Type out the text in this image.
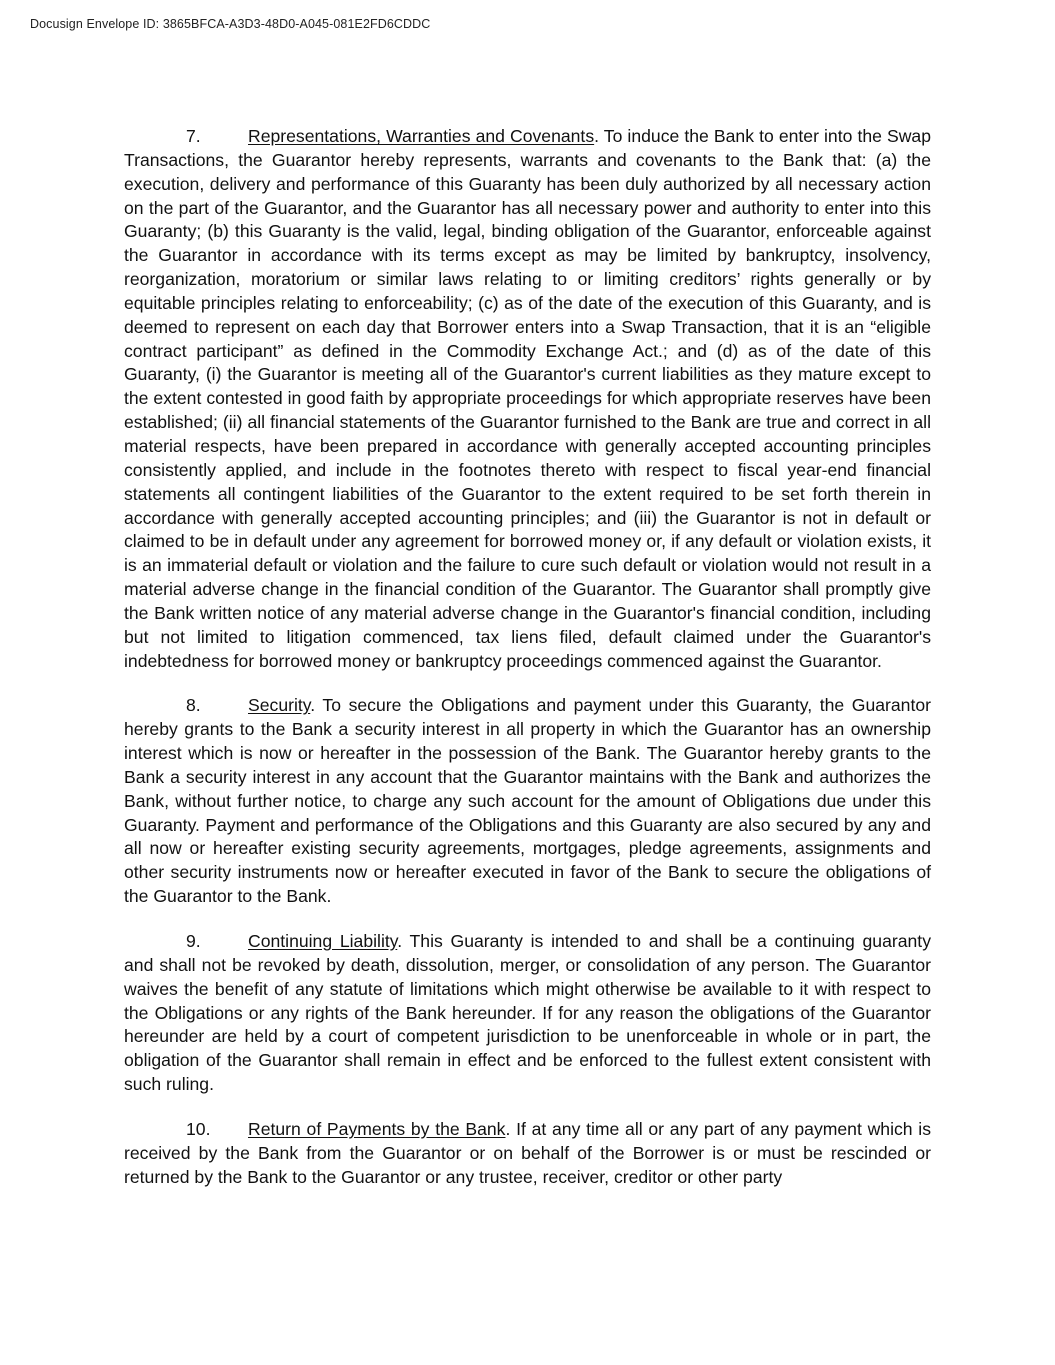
Docusign Envelope ID: 3865BFCA-A3D3-48D0-A045-081E2FD6CDDC

7.	Representations, Warranties and Covenants. To induce the Bank to enter into the Swap Transactions, the Guarantor hereby represents, warrants and covenants to the Bank that: (a) the execution, delivery and performance of this Guaranty has been duly authorized by all necessary action on the part of the Guarantor, and the Guarantor has all necessary power and authority to enter into this Guaranty; (b) this Guaranty is the valid, legal, binding obligation of the Guarantor, enforceable against the Guarantor in accordance with its terms except as may be limited by bankruptcy, insolvency, reorganization, moratorium or similar laws relating to or limiting creditors’ rights generally or by equitable principles relating to enforceability; (c) as of the date of the execution of this Guaranty, and is deemed to represent on each day that Borrower enters into a Swap Transaction, that it is an “eligible contract participant” as defined in the Commodity Exchange Act.; and (d) as of the date of this Guaranty, (i) the Guarantor is meeting all of the Guarantor's current liabilities as they mature except to the extent contested in good faith by appropriate proceedings for which appropriate reserves have been established; (ii) all financial statements of the Guarantor furnished to the Bank are true and correct in all material respects, have been prepared in accordance with generally accepted accounting principles consistently applied, and include in the footnotes thereto with respect to fiscal year-end financial statements all contingent liabilities of the Guarantor to the extent required to be set forth therein in accordance with generally accepted accounting principles; and (iii) the Guarantor is not in default or claimed to be in default under any agreement for borrowed money or, if any default or violation exists, it is an immaterial default or violation and the failure to cure such default or violation would not result in a material adverse change in the financial condition of the Guarantor. The Guarantor shall promptly give the Bank written notice of any material adverse change in the Guarantor's financial condition, including but not limited to litigation commenced, tax liens filed, default claimed under the Guarantor's indebtedness for borrowed money or bankruptcy proceedings commenced against the Guarantor.

8.	Security. To secure the Obligations and payment under this Guaranty, the Guarantor hereby grants to the Bank a security interest in all property in which the Guarantor has an ownership interest which is now or hereafter in the possession of the Bank. The Guarantor hereby grants to the Bank a security interest in any account that the Guarantor maintains with the Bank and authorizes the Bank, without further notice, to charge any such account for the amount of Obligations due under this Guaranty. Payment and performance of the Obligations and this Guaranty are also secured by any and all now or hereafter existing security agreements, mortgages, pledge agreements, assignments and other security instruments now or hereafter executed in favor of the Bank to secure the obligations of the Guarantor to the Bank.

9.	Continuing Liability. This Guaranty is intended to and shall be a continuing guaranty and shall not be revoked by death, dissolution, merger, or consolidation of any person. The Guarantor waives the benefit of any statute of limitations which might otherwise be available to it with respect to the Obligations or any rights of the Bank hereunder. If for any reason the obligations of the Guarantor hereunder are held by a court of competent jurisdiction to be unenforceable in whole or in part, the obligation of the Guarantor shall remain in effect and be enforced to the fullest extent consistent with such ruling.

10. Return of Payments by the Bank. If at any time all or any part of any payment which is received by the Bank from the Guarantor or on behalf of the Borrower is or must be rescinded or returned by the Bank to the Guarantor or any trustee, receiver, creditor or other party
